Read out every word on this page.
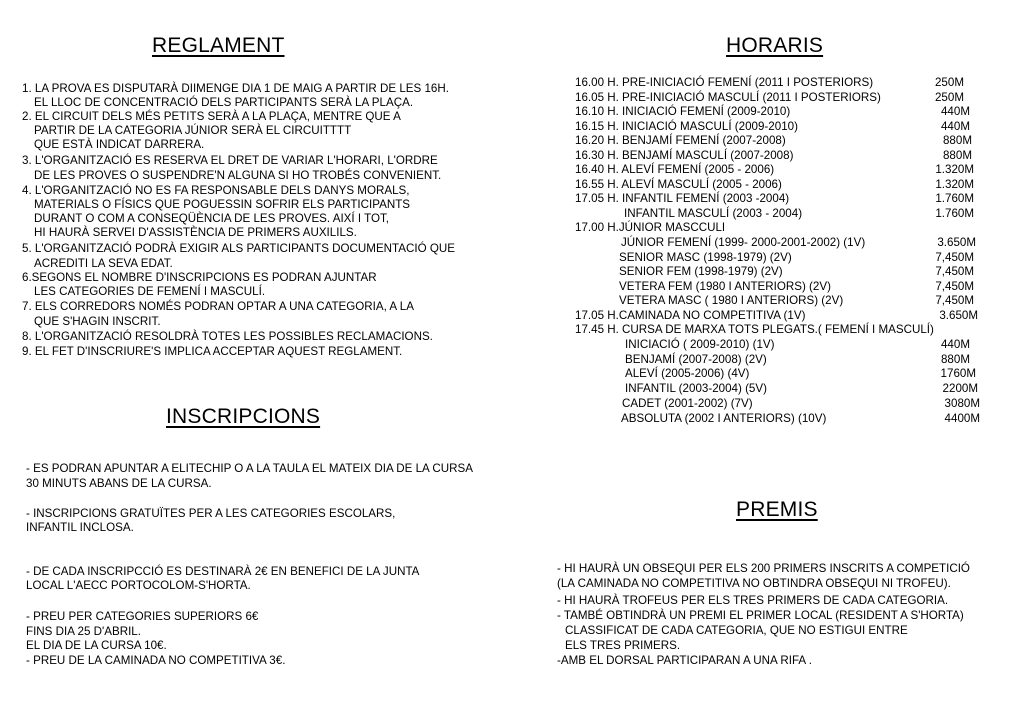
REGLAMENT
1. LA PROVA ES DISPUTARÀ DIIMENGE DIA 1 DE MAIG A PARTIR DE LES 16H.
EL LLOC DE CONCENTRACIÓ DELS PARTICIPANTS SERÀ LA PLAÇA.
2. EL CIRCUIT DELS MÉS PETITS SERÀ A LA PLAÇA, MENTRE QUE A
PARTIR DE LA CATEGORIA JÚNIOR SERÀ EL CIRCUITTTT
QUE ESTÀ INDICAT DARRERA.
3. L'ORGANITZACIÓ ES RESERVA EL DRET DE VARIAR L'HORARI, L'ORDRE
DE LES PROVES O SUSPENDRE'N ALGUNA SI HO TROBÉS CONVENIENT.
4. L'ORGANITZACIÓ NO ES FA RESPONSABLE DELS DANYS MORALS,
MATERIALS O FÍSICS QUE POGUESSIN SOFRIR ELS PARTICIPANTS
DURANT O COM A CONSEQÜÈNCIA DE LES PROVES. AIXÍ I TOT,
HI HAURÀ SERVEI D'ASSISTÈNCIA DE PRIMERS AUXILILS.
5. L'ORGANITZACIÓ PODRÀ EXIGIR ALS PARTICIPANTS DOCUMENTACIÓ QUE
ACREDITI LA SEVA EDAT.
6.SEGONS EL NOMBRE D'INSCRIPCIONS ES PODRAN AJUNTAR
LES CATEGORIES DE FEMENÍ I MASCULÍ.
7. ELS CORREDORS NOMÉS PODRAN OPTAR A UNA CATEGORIA, A LA
QUE S'HAGIN INSCRIT.
8. L'ORGANITZACIÓ RESOLDRÀ TOTES LES POSSIBLES RECLAMACIONS.
9. EL FET D'INSCRIURE'S IMPLICA ACCEPTAR AQUEST REGLAMENT.
INSCRIPCIONS
- ES PODRAN APUNTAR A ELITECHIP O A LA TAULA EL MATEIX DIA DE LA CURSA
30 MINUTS ABANS DE LA CURSA.
- INSCRIPCIONS GRATUÏTES PER A LES CATEGORIES ESCOLARS,
INFANTIL INCLOSA.
- DE CADA INSCRIPCCIÓ ES DESTINARÀ 2€ EN BENEFICI DE LA JUNTA
LOCAL L'AECC PORTOCOLOM-S'HORTA.
- PREU PER CATEGORIES SUPERIORS 6€
FINS DIA 25 D'ABRIL.
EL DIA DE LA CURSA 10€.
- PREU DE LA CAMINADA NO COMPETITIVA 3€.
HORARIS
16.00 H. PRE-INICIACIÓ FEMENÍ (2011 I POSTERIORS)	250M
16.05 H. PRE-INICIACIÓ MASCULÍ (2011 I POSTERIORS)	250M
16.10 H. INICIACIÓ FEMENÍ (2009-2010)	440M
16.15 H. INICIACIÓ MASCULÍ (2009-2010)	440M
16.20 H. BENJAMÍ FEMENÍ (2007-2008)	880M
16.30 H. BENJAMÍ MASCULÍ (2007-2008)	880M
16.40 H. ALEVÍ FEMENÍ (2005 - 2006)	1.320M
16.55 H. ALEVÍ MASCULÍ (2005 - 2006)	1.320M
17.05 H. INFANTIL FEMENÍ (2003 -2004)	1.760M
INFANTIL MASCULÍ (2003 - 2004)	1.760M
17.00 H.JÚNIOR MASCCULI
JÚNIOR FEMENÍ (1999- 2000-2001-2002) (1V)	3.650M
SENIOR MASC (1998-1979) (2V)	7,450M
SENIOR FEM (1998-1979) (2V)	7,450M
VETERA FEM (1980 I ANTERIORS) (2V)	7,450M
VETERA MASC ( 1980 I ANTERIORS) (2V)	7,450M
17.05 H.CAMINADA NO COMPETITIVA (1V)	3.650M
17.45 H. CURSA DE MARXA TOTS PLEGATS.( FEMENÍ I MASCULÍ)
INICIACIÓ ( 2009-2010) (1V)	440M
BENJAMÍ (2007-2008) (2V)	880M
ALEVÍ (2005-2006) (4V)	1760M
INFANTIL (2003-2004) (5V)	2200M
CADET (2001-2002) (7V)	3080M
ABSOLUTA (2002 I ANTERIORS) (10V)	4400M
PREMIS
- HI HAURÀ UN OBSEQUI PER ELS 200 PRIMERS INSCRITS A COMPETICIÓ
(LA CAMINADA NO COMPETITIVA NO OBTINDRA OBSEQUI NI TROFEU).
- HI HAURÀ TROFEUS PER ELS TRES PRIMERS DE CADA CATEGORIA.
- TAMBÉ OBTINDRÀ UN PREMI EL PRIMER LOCAL (RESIDENT A S'HORTA)
CLASSIFICAT DE CADA CATEGORIA, QUE NO ESTIGUI ENTRE
ELS TRES PRIMERS.
-AMB EL DORSAL PARTICIPARAN A UNA RIFA .
